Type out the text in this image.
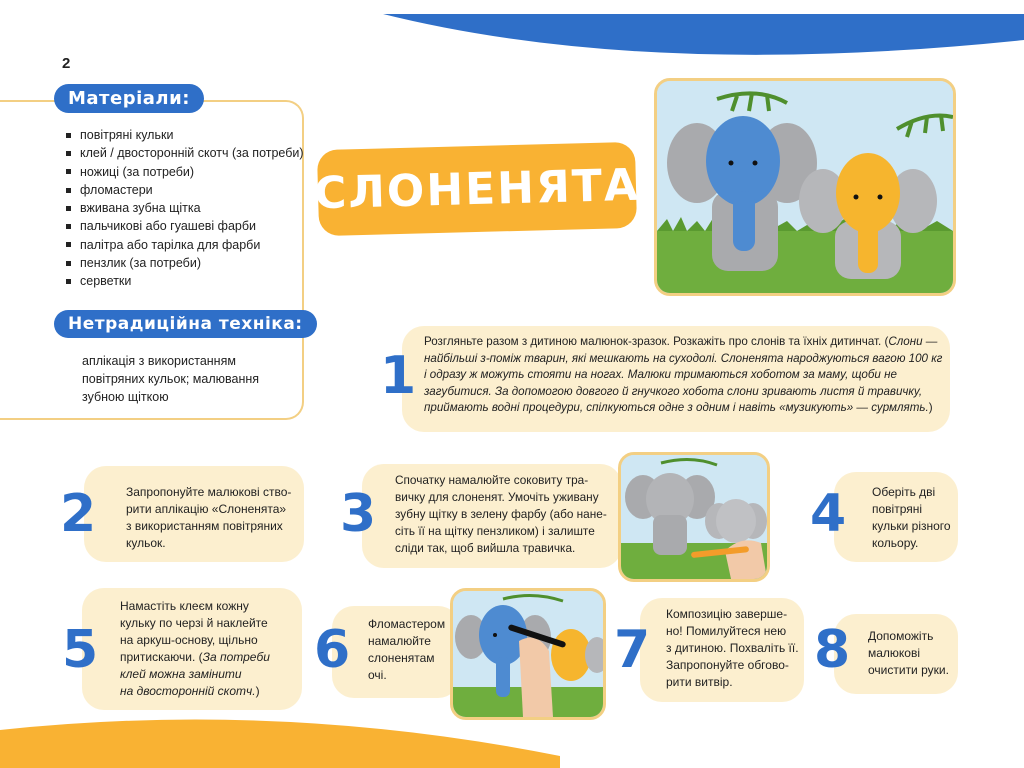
2
Матеріали:
повітряні кульки
клей / двосторонній скотч (за потреби)
ножиці (за потреби)
фломастери
вживана зубна щітка
пальчикові або гуашеві фарби
палітра або тарілка для фарби
пензлик (за потреби)
серветки
Нетрадиційна техніка:
аплікація з використанням
повітряних кульок; малювання
зубною щіткою
СЛОНЕНЯТА
1
Розгляньте разом з дитиною малюнок-зразок. Розкажіть про слонів та їхніх дитинчат. (Слони — найбільші з-поміж тварин, які мешкають на суходолі. Слоненята народжуються вагою 100 кг і одразу ж можуть стояти на ногах. Малюки тримаються хоботом за маму, щоби не загубитися. За допомогою довгого й гнучкого хобота слони зривають листя й травичку, приймають водні процедури, спілкуються одне з одним і навіть «музикують» — сурмлять.)
2 Запропонуйте малюкові ство-
рити аплікацію «Слоненята»
з використанням повітряних
кульок.	3
Спочатку намалюйте соковиту тра-
вичку для слоненят. Умочіть уживану
зубну щітку в зелену фарбу (або нане-
сіть її на щітку пензликом) і залиште
сліди так, щоб вийшла травичка.
4 Оберіть дві
повітряні
кульки різного
кольору.
5
Намастіть клеєм кожну
кульку по черзі й наклейте
на аркуш-основу, щільно
притискаючи. (За потреби
клей можна замінити
на двосторонній скотч.)
6 Фломастером
намалюйте
слоненятам
очі.	7
Композицію заверше-
но! Помилуйтеся нею
з дитиною. Похваліть її.
Запропонуйте обгово-
рити витвір.
8 Допоможіть
малюкові
очистити руки.
